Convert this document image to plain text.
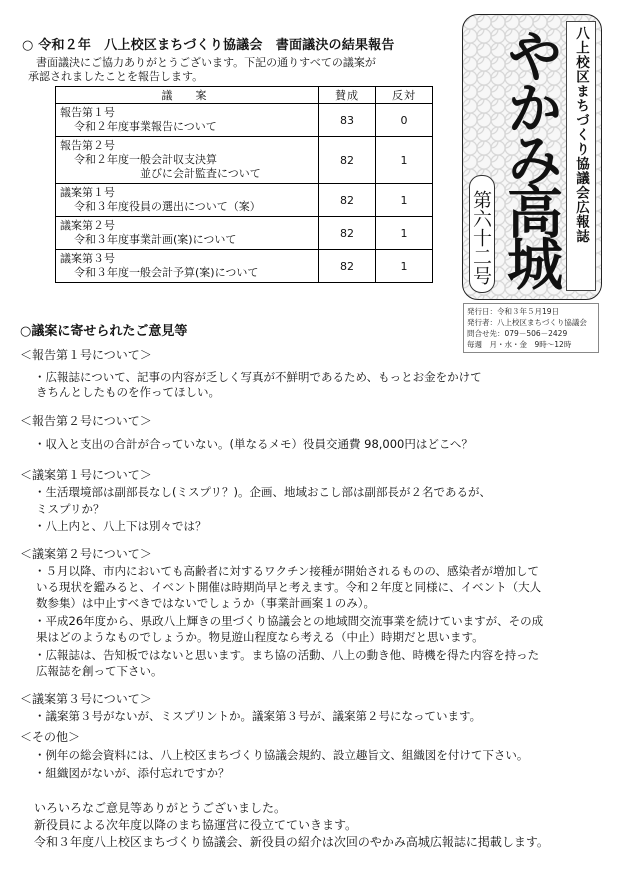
○ 令和２年　八上校区まちづくり協議会　書面議決の結果報告
書面議決にご協力ありがとうございます。下記の通りすべての議案が
承認されましたことを報告します。
議　案	賛成	反対

報告第１号
令和２年度事業報告について	83	0

報告第２号
令和２年度一般会計収支決算
並びに会計監査について	82	1

議案第１号
令和３年度役員の選出について（案）	82	1

議案第２号
令和３年度事業計画(案)について	82	1

議案第３号
令和３年度一般会計予算(案)について	82	1
八上校区まちづくり協議会広報誌
やかみ高城
第六十二号
発行日：令和３年５月19日
発行者：八上校区まちづくり協議会
問合せ先：079－506－2429
毎週　月・水・金　9時～12時
○議案に寄せられたご意見等
＜報告第１号について＞
・広報誌について、記事の内容が乏しく写真が不鮮明であるため、もっとお金をかけて
きちんとしたものを作ってほしい。
＜報告第２号について＞
・収入と支出の合計が合っていない。(単なるメモ）役員交通費 98,000円はどこへ？
＜議案第１号について＞
・生活環境部は副部長なし(ミスプリ？)。企画、地域おこし部は副部長が２名であるが、
ミスプリか？
・八上内と、八上下は別々では？
＜議案第２号について＞
・５月以降、市内においても高齢者に対するワクチン接種が開始されるものの、感染者が増加して
いる現状を鑑みると、イベント開催は時期尚早と考えます。令和２年度と同様に、イベント（大人
数参集）は中止すべきではないでしょうか（事業計画案１のみ）。
・平成26年度から、県政八上輝きの里づくり協議会との地域間交流事業を続けていますが、その成
果はどのようなものでしょうか。物見遊山程度なら考える（中止）時期だと思います。
・広報誌は、告知板ではないと思います。まち協の活動、八上の動き他、時機を得た内容を持った
広報誌を創って下さい。
＜議案第３号について＞
・議案第３号がないが、ミスプリントか。議案第３号が、議案第２号になっています。
＜その他＞
・例年の総会資料には、八上校区まちづくり協議会規約、設立趣旨文、組織図を付けて下さい。
・組織図がないが、添付忘れですか？
いろいろなご意見等ありがとうございました。
新役員による次年度以降のまち協運営に役立てていきます。
令和３年度八上校区まちづくり協議会、新役員の紹介は次回のやかみ高城広報誌に掲載します。
